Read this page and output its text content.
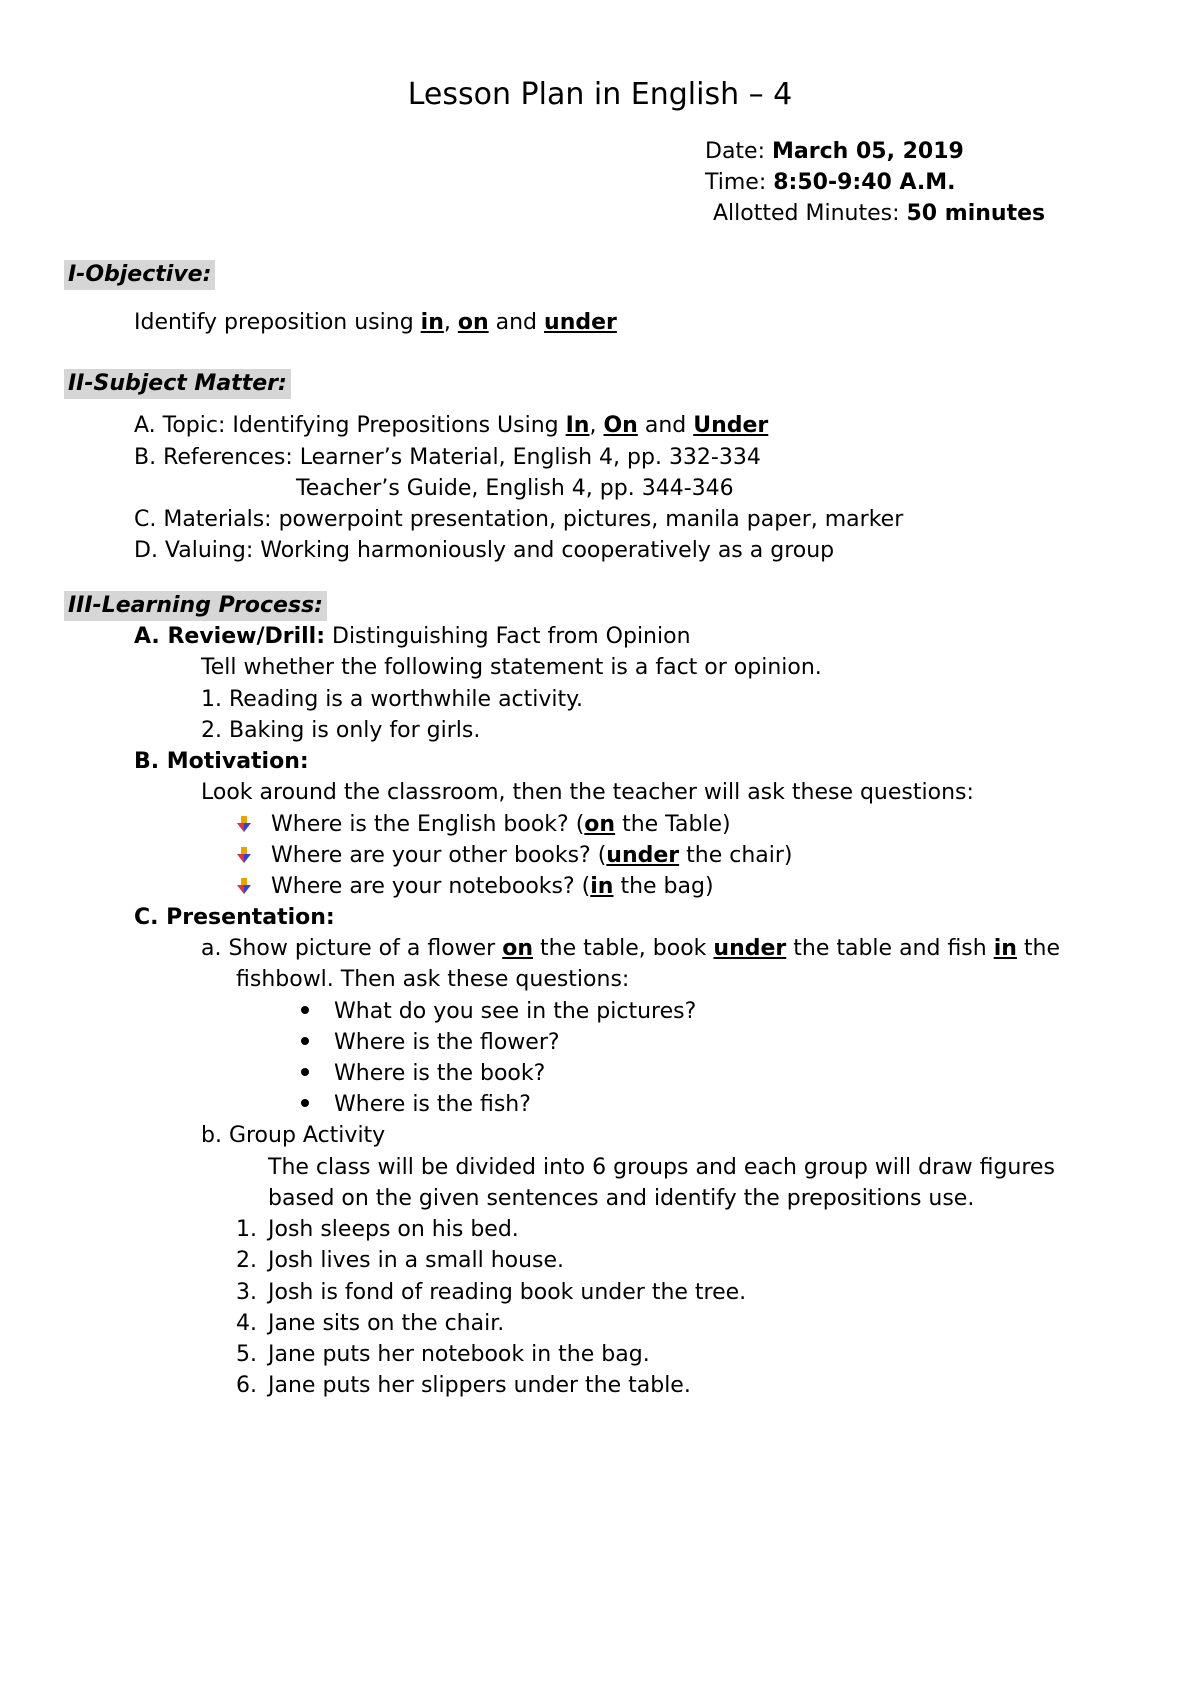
Lesson Plan in English – 4
Date: March 05, 2019
Time: 8:50-9:40 A.M.
Allotted Minutes: 50 minutes
I-Objective:
Identify preposition using in, on and under
II-Subject Matter:
A. Topic: Identifying Prepositions Using In, On and Under
B. References: Learner’s Material, English 4, pp. 332-334
Teacher’s Guide, English 4, pp. 344-346
C. Materials: powerpoint presentation, pictures, manila paper, marker
D. Valuing: Working harmoniously and cooperatively as a group
III-Learning Process:
A. Review/Drill: Distinguishing Fact from Opinion
Tell whether the following statement is a fact or opinion.
1. Reading is a worthwhile activity.
2. Baking is only for girls.
B. Motivation:
Look around the classroom, then the teacher will ask these questions:
Where is the English book? (on the Table)
Where are your other books? (under the chair)
Where are your notebooks? (in the bag)
C. Presentation:
a. Show picture of a flower on the table, book under the table and fish in the
fishbowl. Then ask these questions:
What do you see in the pictures?
Where is the flower?
Where is the book?
Where is the fish?
b. Group Activity
The class will be divided into 6 groups and each group will draw figures
based on the given sentences and identify the prepositions use.
1. Josh sleeps on his bed.
2. Josh lives in a small house.
3. Josh is fond of reading book under the tree.
4. Jane sits on the chair.
5. Jane puts her notebook in the bag.
6. Jane puts her slippers under the table.
